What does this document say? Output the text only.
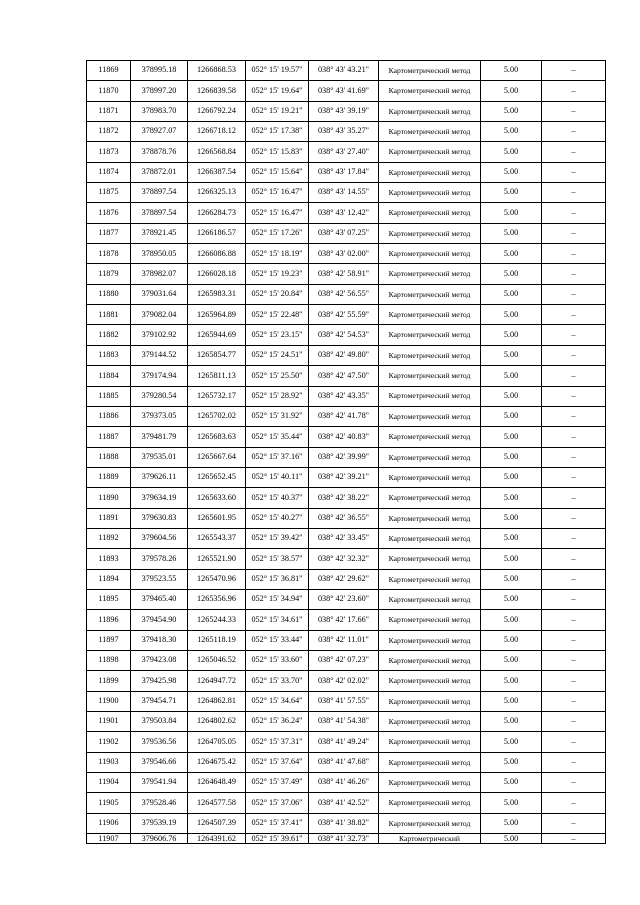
11869	378995.18	1266868.53	052° 15' 19.57"	038° 43' 43.21"	Картометрический метод	5.00	–
11870	378997.20	1266839.58	052° 15' 19.64"	038° 43' 41.69"	Картометрический метод	5.00	–
11871	378983.70	1266792.24	052° 15' 19.21"	038° 43' 39.19"	Картометрический метод	5.00	–
11872	378927.07	1266718.12	052° 15' 17.38"	038° 43' 35.27"	Картометрический метод	5.00	–
11873	378878.76	1266568.84	052° 15' 15.83"	038° 43' 27.40"	Картометрический метод	5.00	–
11874	378872.01	1266387.54	052° 15' 15.64"	038° 43' 17.84"	Картометрический метод	5.00	–
11875	378897.54	1266325.13	052° 15' 16.47"	038° 43' 14.55"	Картометрический метод	5.00	–
11876	378897.54	1266284.73	052° 15' 16.47"	038° 43' 12.42"	Картометрический метод	5.00	–
11877	378921.45	1266186.57	052° 15' 17.26"	038° 43' 07.25"	Картометрический метод	5.00	–
11878	378950.05	1266086.88	052° 15' 18.19"	038° 43' 02.00"	Картометрический метод	5.00	–
11879	378982.07	1266028.18	052° 15' 19.23"	038° 42' 58.91"	Картометрический метод	5.00	–
11880	379031.64	1265983.31	052° 15' 20.84"	038° 42' 56.55"	Картометрический метод	5.00	–
11881	379082.04	1265964.89	052° 15' 22.48"	038° 42' 55.59"	Картометрический метод	5.00	–
11882	379102.92	1265944.69	052° 15' 23.15"	038° 42' 54.53"	Картометрический метод	5.00	–
11883	379144.52	1265854.77	052° 15' 24.51"	038° 42' 49.80"	Картометрический метод	5.00	–
11884	379174.94	1265811.13	052° 15' 25.50"	038° 42' 47.50"	Картометрический метод	5.00	–
11885	379280.54	1265732.17	052° 15' 28.92"	038° 42' 43.35"	Картометрический метод	5.00	–
11886	379373.05	1265702.02	052° 15' 31.92"	038° 42' 41.78"	Картометрический метод	5.00	–
11887	379481.79	1265683.63	052° 15' 35.44"	038° 42' 40.83"	Картометрический метод	5.00	–
11888	379535.01	1265667.64	052° 15' 37.16"	038° 42' 39.99"	Картометрический метод	5.00	–
11889	379626.11	1265652.45	052° 15' 40.11"	038° 42' 39.21"	Картометрический метод	5.00	–
11890	379634.19	1265633.60	052° 15' 40.37"	038° 42' 38.22"	Картометрический метод	5.00	–
11891	379630.83	1265601.95	052° 15' 40.27"	038° 42' 36.55"	Картометрический метод	5.00	–
11892	379604.56	1265543.37	052° 15' 39.42"	038° 42' 33.45"	Картометрический метод	5.00	–
11893	379578.26	1265521.90	052° 15' 38.57"	038° 42' 32.32"	Картометрический метод	5.00	–
11894	379523.55	1265470.96	052° 15' 36.81"	038° 42' 29.62"	Картометрический метод	5.00	–
11895	379465.40	1265356.96	052° 15' 34.94"	038° 42' 23.60"	Картометрический метод	5.00	–
11896	379454.90	1265244.33	052° 15' 34.61"	038° 42' 17.66"	Картометрический метод	5.00	–
11897	379418.30	1265118.19	052° 15' 33.44"	038° 42' 11.01"	Картометрический метод	5.00	–
11898	379423.08	1265046.52	052° 15' 33.60"	038° 42' 07.23"	Картометрический метод	5.00	–
11899	379425.98	1264947.72	052° 15' 33.70"	038° 42' 02.02"	Картометрический метод	5.00	–
11900	379454.71	1264862.81	052° 15' 34.64"	038° 41' 57.55"	Картометрический метод	5.00	–
11901	379503.84	1264802.62	052° 15' 36.24"	038° 41' 54.38"	Картометрический метод	5.00	–
11902	379536.56	1264705.05	052° 15' 37.31"	038° 41' 49.24"	Картометрический метод	5.00	–
11903	379546.66	1264675.42	052° 15' 37.64"	038° 41' 47.68"	Картометрический метод	5.00	–
11904	379541.94	1264648.49	052° 15' 37.49"	038° 41' 46.26"	Картометрический метод	5.00	–
11905	379528.46	1264577.58	052° 15' 37.06"	038° 41' 42.52"	Картометрический метод	5.00	–
11906	379539.19	1264507.39	052° 15' 37.41"	038° 41' 38.82"	Картометрический метод	5.00	–
11907	379606.76	1264391.62	052° 15' 39.61"	038° 41' 32.73"	Картометрический	5.00	–
